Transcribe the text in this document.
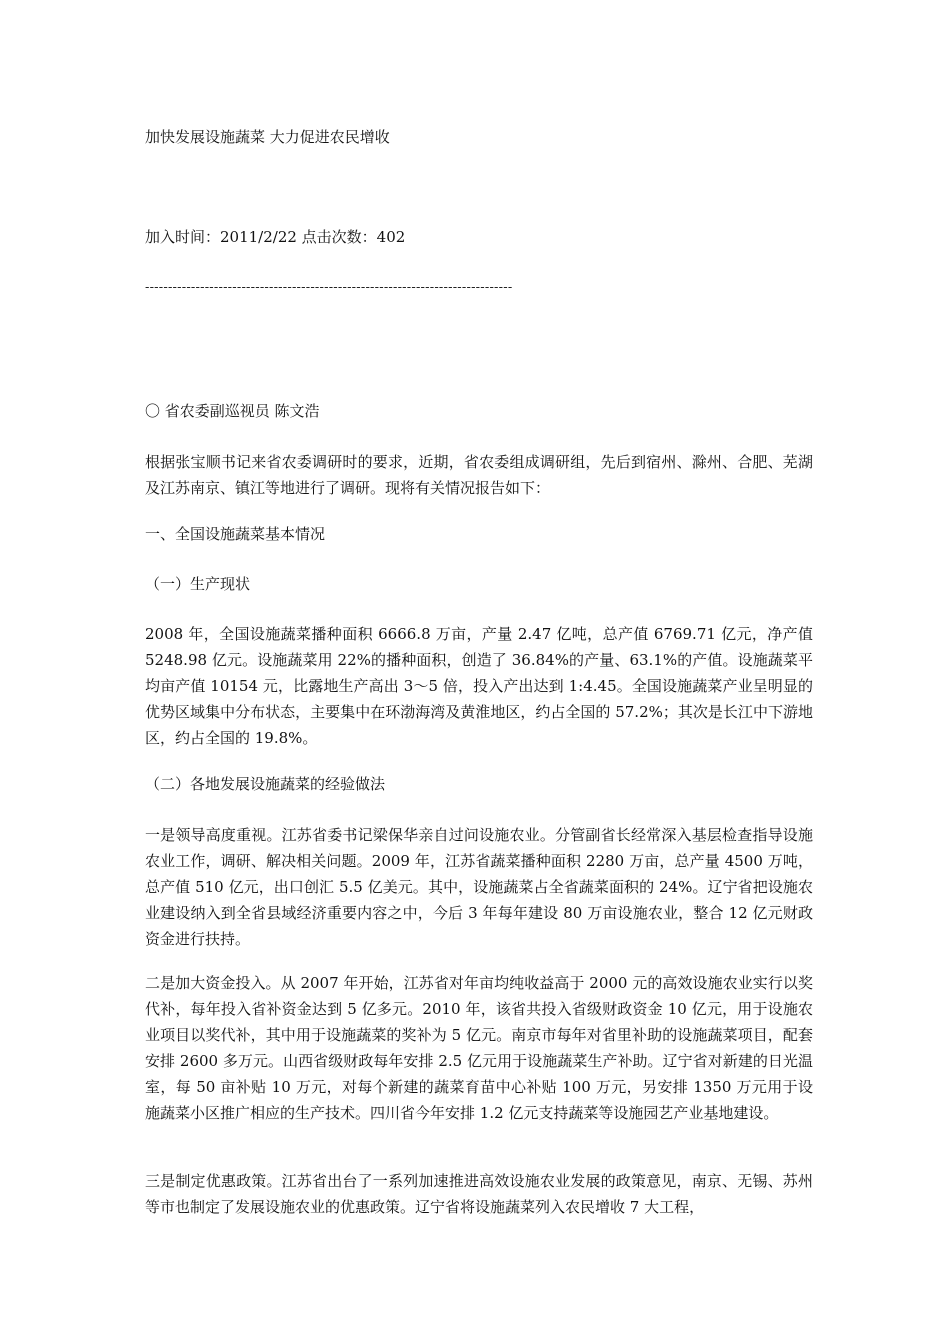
加快发展设施蔬菜 大力促进农民增收
加入时间：2011/2/22 点击次数：402
--------------------------------------------------------------------------------
〇 省农委副巡视员 陈文浩
根据张宝顺书记来省农委调研时的要求，近期，省农委组成调研组，先后到宿州、滁州、合肥、芜湖及江苏南京、镇江等地进行了调研。现将有关情况报告如下：
一、全国设施蔬菜基本情况
（一）生产现状
2008 年，全国设施蔬菜播种面积 6666.8 万亩，产量 2.47 亿吨，总产值 6769.71 亿元，净产值 5248.98 亿元。设施蔬菜用 22%的播种面积，创造了 36.84%的产量、63.1%的产值。设施蔬菜平均亩产值 10154 元，比露地生产高出 3～5 倍，投入产出达到 1:4.45。全国设施蔬菜产业呈明显的优势区域集中分布状态，主要集中在环渤海湾及黄淮地区，约占全国的 57.2%；其次是长江中下游地区，约占全国的 19.8%。
（二）各地发展设施蔬菜的经验做法
一是领导高度重视。江苏省委书记梁保华亲自过问设施农业。分管副省长经常深入基层检查指导设施农业工作，调研、解决相关问题。2009 年，江苏省蔬菜播种面积 2280 万亩，总产量 4500 万吨，总产值 510 亿元，出口创汇 5.5 亿美元。其中，设施蔬菜占全省蔬菜面积的 24%。辽宁省把设施农业建设纳入到全省县域经济重要内容之中，今后 3 年每年建设 80 万亩设施农业，整合 12 亿元财政资金进行扶持。
二是加大资金投入。从 2007 年开始，江苏省对年亩均纯收益高于 2000 元的高效设施农业实行以奖代补，每年投入省补资金达到 5 亿多元。2010 年，该省共投入省级财政资金 10 亿元，用于设施农业项目以奖代补，其中用于设施蔬菜的奖补为 5 亿元。南京市每年对省里补助的设施蔬菜项目，配套安排 2600 多万元。山西省级财政每年安排 2.5 亿元用于设施蔬菜生产补助。辽宁省对新建的日光温室，每 50 亩补贴 10 万元，对每个新建的蔬菜育苗中心补贴 100 万元，另安排 1350 万元用于设施蔬菜小区推广相应的生产技术。四川省今年安排 1.2 亿元支持蔬菜等设施园艺产业基地建设。
三是制定优惠政策。江苏省出台了一系列加速推进高效设施农业发展的政策意见，南京、无锡、苏州等市也制定了发展设施农业的优惠政策。辽宁省将设施蔬菜列入农民增收 7 大工程，
